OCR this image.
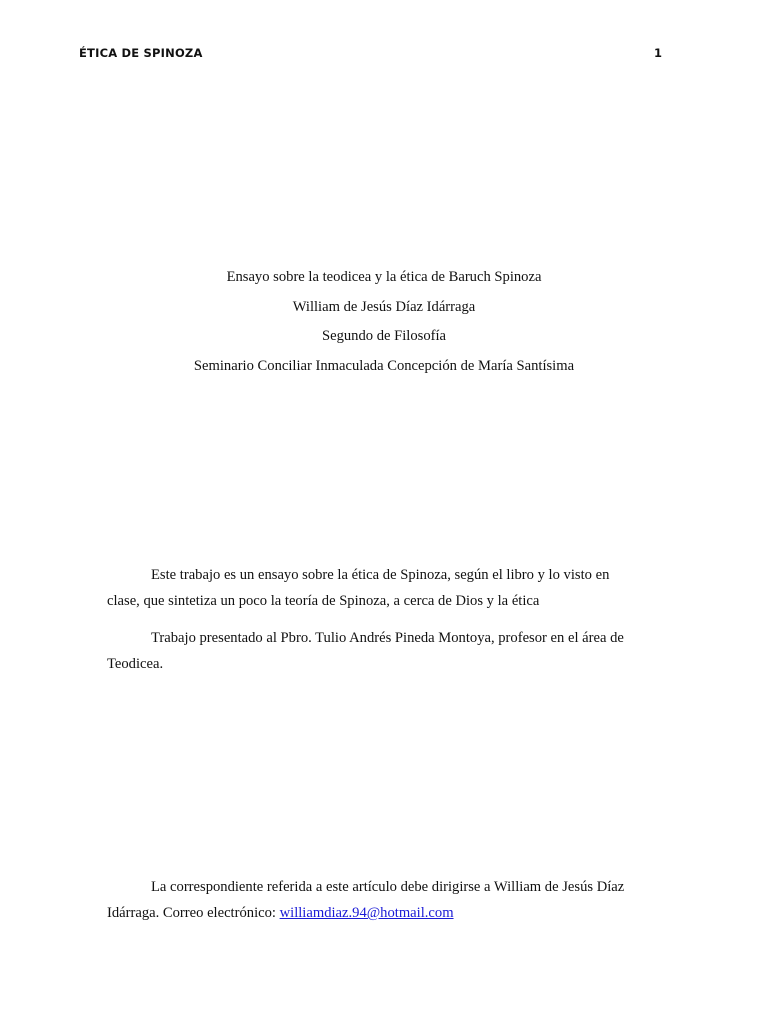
ÉTICA DE SPINOZA	1
Ensayo sobre la teodicea y la ética de Baruch Spinoza
William de Jesús Díaz Idárraga
Segundo de Filosofía
Seminario Conciliar Inmaculada Concepción de María Santísima
Este trabajo es un ensayo sobre la ética de Spinoza, según el libro y lo visto en
clase, que sintetiza un poco la teoría de Spinoza, a cerca de Dios y la ética
Trabajo presentado al Pbro. Tulio Andrés Pineda Montoya, profesor en el área de
Teodicea.
La correspondiente referida a este artículo debe dirigirse a William de Jesús Díaz
Idárraga. Correo electrónico: williamdiaz.94@hotmail.com
